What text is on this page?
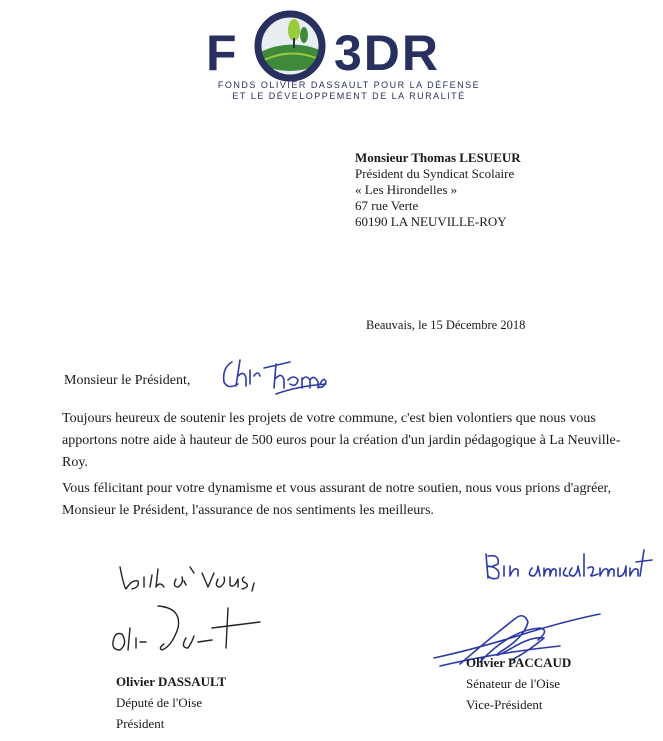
F 3DR
FONDS OLIVIER DASSAULT POUR LA DÉFENSE
ET LE DÉVELOPPEMENT DE LA RURALITÉ
Monsieur Thomas LESUEUR
Président du Syndicat Scolaire
« Les Hirondelles »
67 rue Verte
60190 LA NEUVILLE-ROY
Beauvais, le 15 Décembre 2018
Monsieur le Président,
Toujours heureux de soutenir les projets de votre commune, c'est bien volontiers que nous vous apportons notre aide à hauteur de 500 euros pour la création d'un jardin pédagogique à La Neuville-Roy.
Vous félicitant pour votre dynamisme et vous assurant de notre soutien, nous vous prions d'agréer, Monsieur le Président, l'assurance de nos sentiments les meilleurs.
Olivier DASSAULT
Député de l'Oise
Président
Olivier PACCAUD
Sénateur de l'Oise
Vice-Président
